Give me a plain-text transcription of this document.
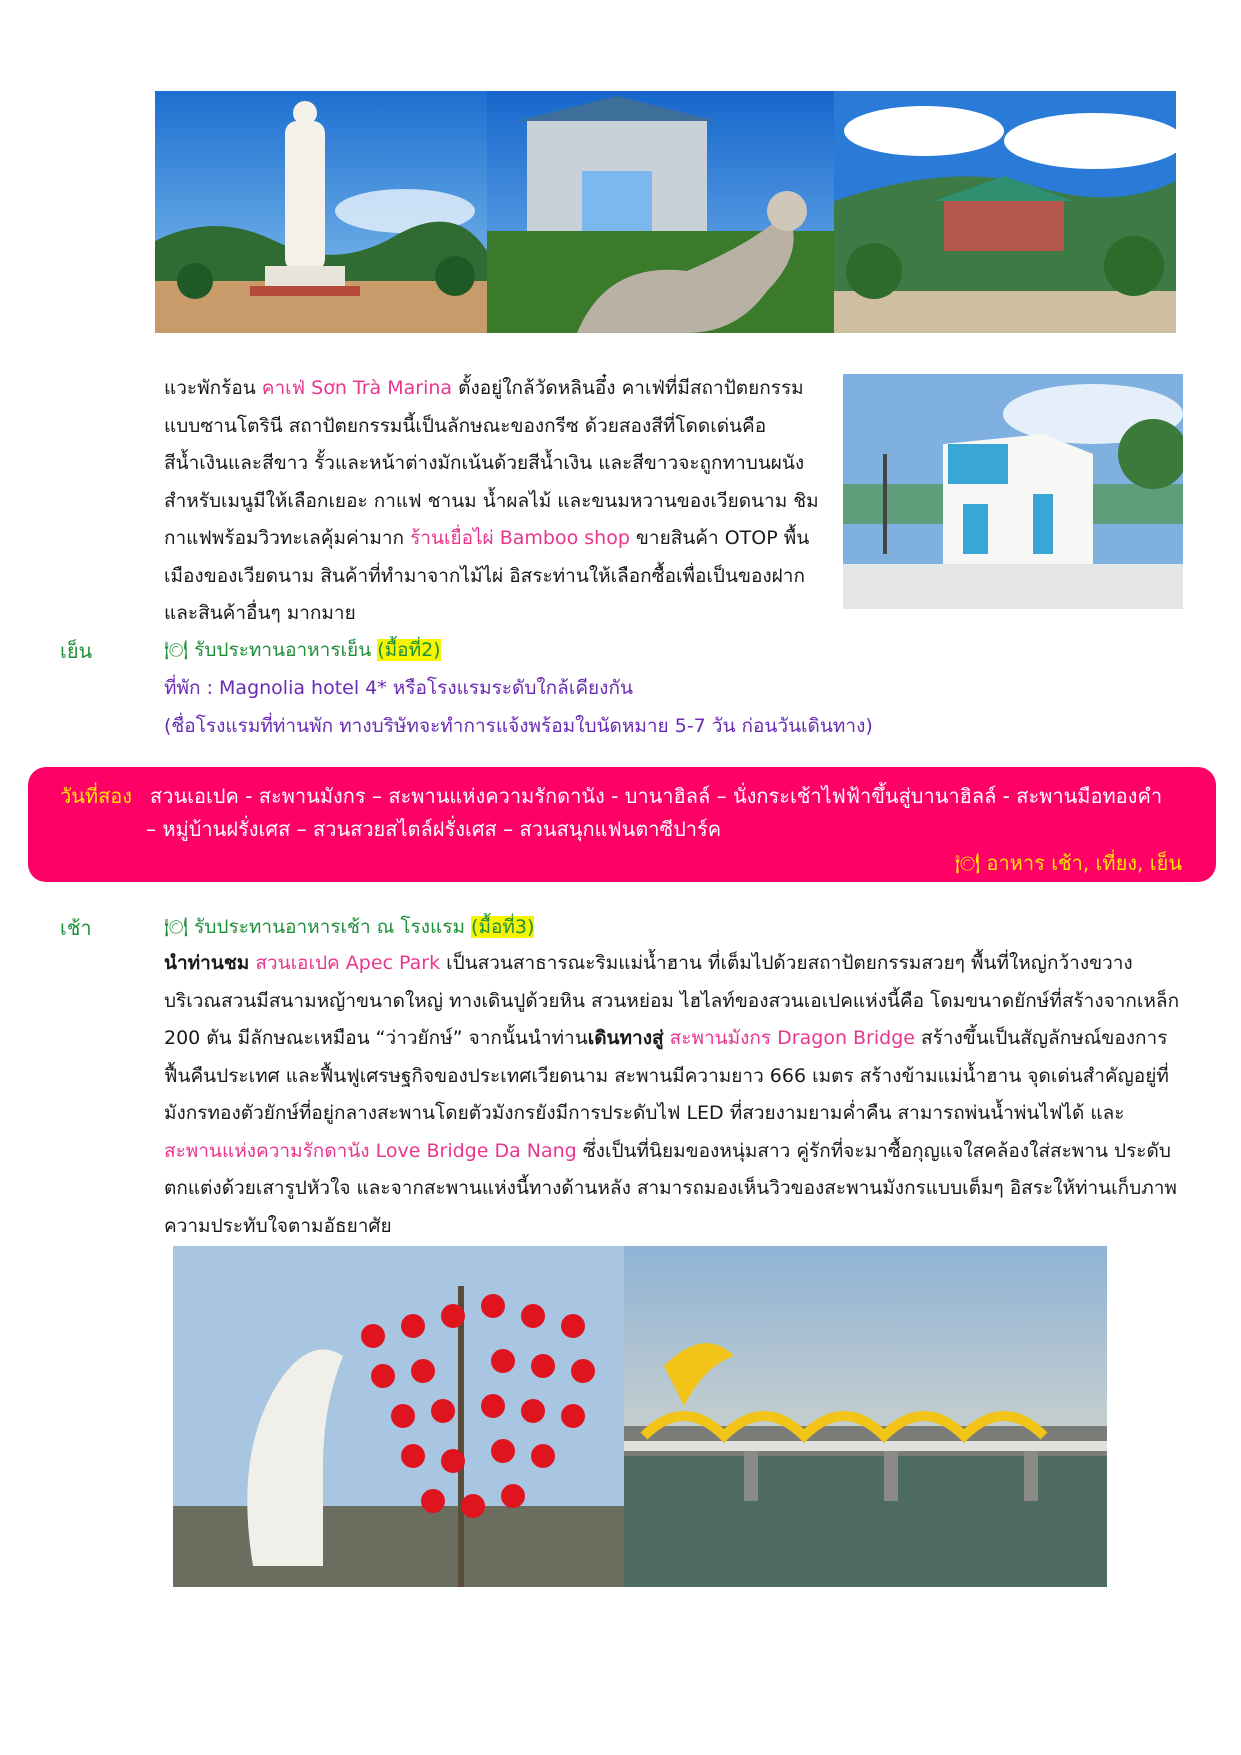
แวะพักร้อน คาเฟ่ Sơn Trà Marina ตั้งอยู่ใกล้วัดหลินอึ๋ง คาเฟ่ที่มีสถาปัตยกรรมแบบซานโตรินี สถาปัตยกรรมนี้เป็นลักษณะของกรีซ ด้วยสองสีที่โดดเด่นคือสีน้ำเงินและสีขาว รั้วและหน้าต่างมักเน้นด้วยสีน้ำเงิน และสีขาวจะถูกทาบนผนัง สำหรับเมนูมีให้เลือกเยอะ กาแฟ ชานม น้ำผลไม้ และขนมหวานของเวียดนาม ชิมกาแฟพร้อมวิวทะเลคุ้มค่ามาก ร้านเยื่อไผ่ Bamboo shop ขายสินค้า OTOP พื้นเมืองของเวียดนาม สินค้าที่ทำมาจากไม้ไผ่ อิสระท่านให้เลือกซื้อเพื่อเป็นของฝาก และสินค้าอื่นๆ มากมาย

เย็น	🍽 รับประทานอาหารเย็น (มื้อที่2)
ที่พัก : Magnolia hotel 4* หรือโรงแรมระดับใกล้เคียงกัน
(ชื่อโรงแรมที่ท่านพัก ทางบริษัทจะทำการแจ้งพร้อมใบนัดหมาย 5-7 วัน ก่อนวันเดินทาง)
วันที่สอง สวนเอเปค - สะพานมังกร – สะพานแห่งความรักดานัง - บานาฮิลล์ – นั่งกระเช้าไฟฟ้าขึ้นสู่บานาฮิลล์ - สะพานมือทองคำ
– หมู่บ้านฝรั่งเศส – สวนสวยสไตล์ฝรั่งเศส – สวนสนุกแฟนตาซีปาร์ค
🍽 อาหาร เช้า, เที่ยง, เย็น
เช้า	🍽 รับประทานอาหารเช้า ณ โรงแรม (มื้อที่3)

นำท่านชม สวนเอเปค Apec Park เป็นสวนสาธารณะริมแม่น้ำฮาน ที่เต็มไปด้วยสถาปัตยกรรมสวยๆ พื้นที่ใหญ่กว้างขวาง บริเวณสวนมีสนามหญ้าขนาดใหญ่ ทางเดินปูด้วยหิน สวนหย่อม ไฮไลท์ของสวนเอเปคแห่งนี้คือ โดมขนาดยักษ์ที่สร้างจากเหล็ก 200 ตัน มีลักษณะเหมือน “ว่าวยักษ์” จากนั้นนำท่านเดินทางสู่ สะพานมังกร Dragon Bridge สร้างขึ้นเป็นสัญลักษณ์ของการฟื้นคืนประเทศ และฟื้นฟูเศรษฐกิจของประเทศเวียดนาม สะพานมีความยาว 666 เมตร สร้างข้ามแม่น้ำฮาน จุดเด่นสำคัญอยู่ที่มังกรทองตัวยักษ์ที่อยู่กลางสะพานโดยตัวมังกรยังมีการประดับไฟ LED ที่สวยงามยามค่ำคืน สามารถพ่นน้ำพ่นไฟได้ และ สะพานแห่งความรักดานัง Love Bridge Da Nang ซึ่งเป็นที่นิยมของหนุ่มสาว คู่รักที่จะมาซื้อกุญแจใสคล้องใส่สะพาน ประดับตกแต่งด้วยเสารูปหัวใจ และจากสะพานแห่งนี้ทางด้านหลัง สามารถมองเห็นวิวของสะพานมังกรแบบเต็มๆ อิสระให้ท่านเก็บภาพความประทับใจตามอัธยาศัย
